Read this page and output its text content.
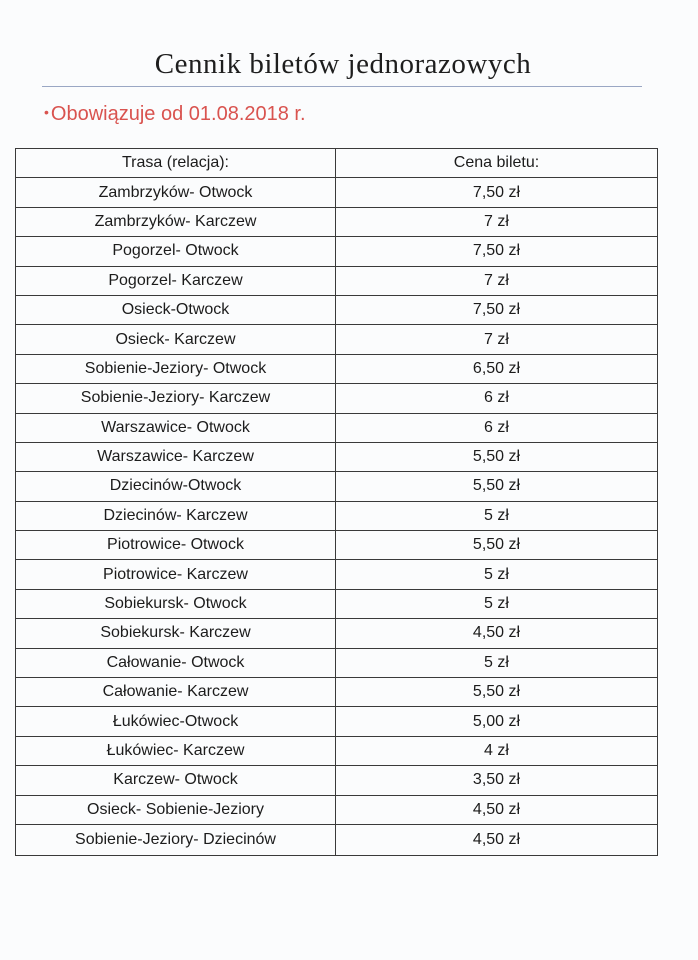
Cennik biletów jednorazowych
• Obowiązuje od 01.08.2018 r.
Trasa (relacja):	Cena biletu:
Zambrzyków- Otwock	7,50 zł
Zambrzyków- Karczew	7 zł
Pogorzel- Otwock	7,50 zł
Pogorzel- Karczew	7 zł
Osieck-Otwock	7,50 zł
Osieck- Karczew	7 zł
Sobienie-Jeziory- Otwock	6,50 zł
Sobienie-Jeziory- Karczew	6 zł
Warszawice- Otwock	6 zł
Warszawice- Karczew	5,50 zł
Dziecinów-Otwock	5,50 zł
Dziecinów- Karczew	5 zł
Piotrowice- Otwock	5,50 zł
Piotrowice- Karczew	5 zł
Sobiekursk- Otwock	5 zł
Sobiekursk- Karczew	4,50 zł
Całowanie- Otwock	5 zł
Całowanie- Karczew	5,50 zł
Łukówiec-Otwock	5,00 zł
Łukówiec- Karczew	4 zł
Karczew- Otwock	3,50 zł
Osieck- Sobienie-Jeziory	4,50 zł
Sobienie-Jeziory- Dziecinów	4,50 zł
